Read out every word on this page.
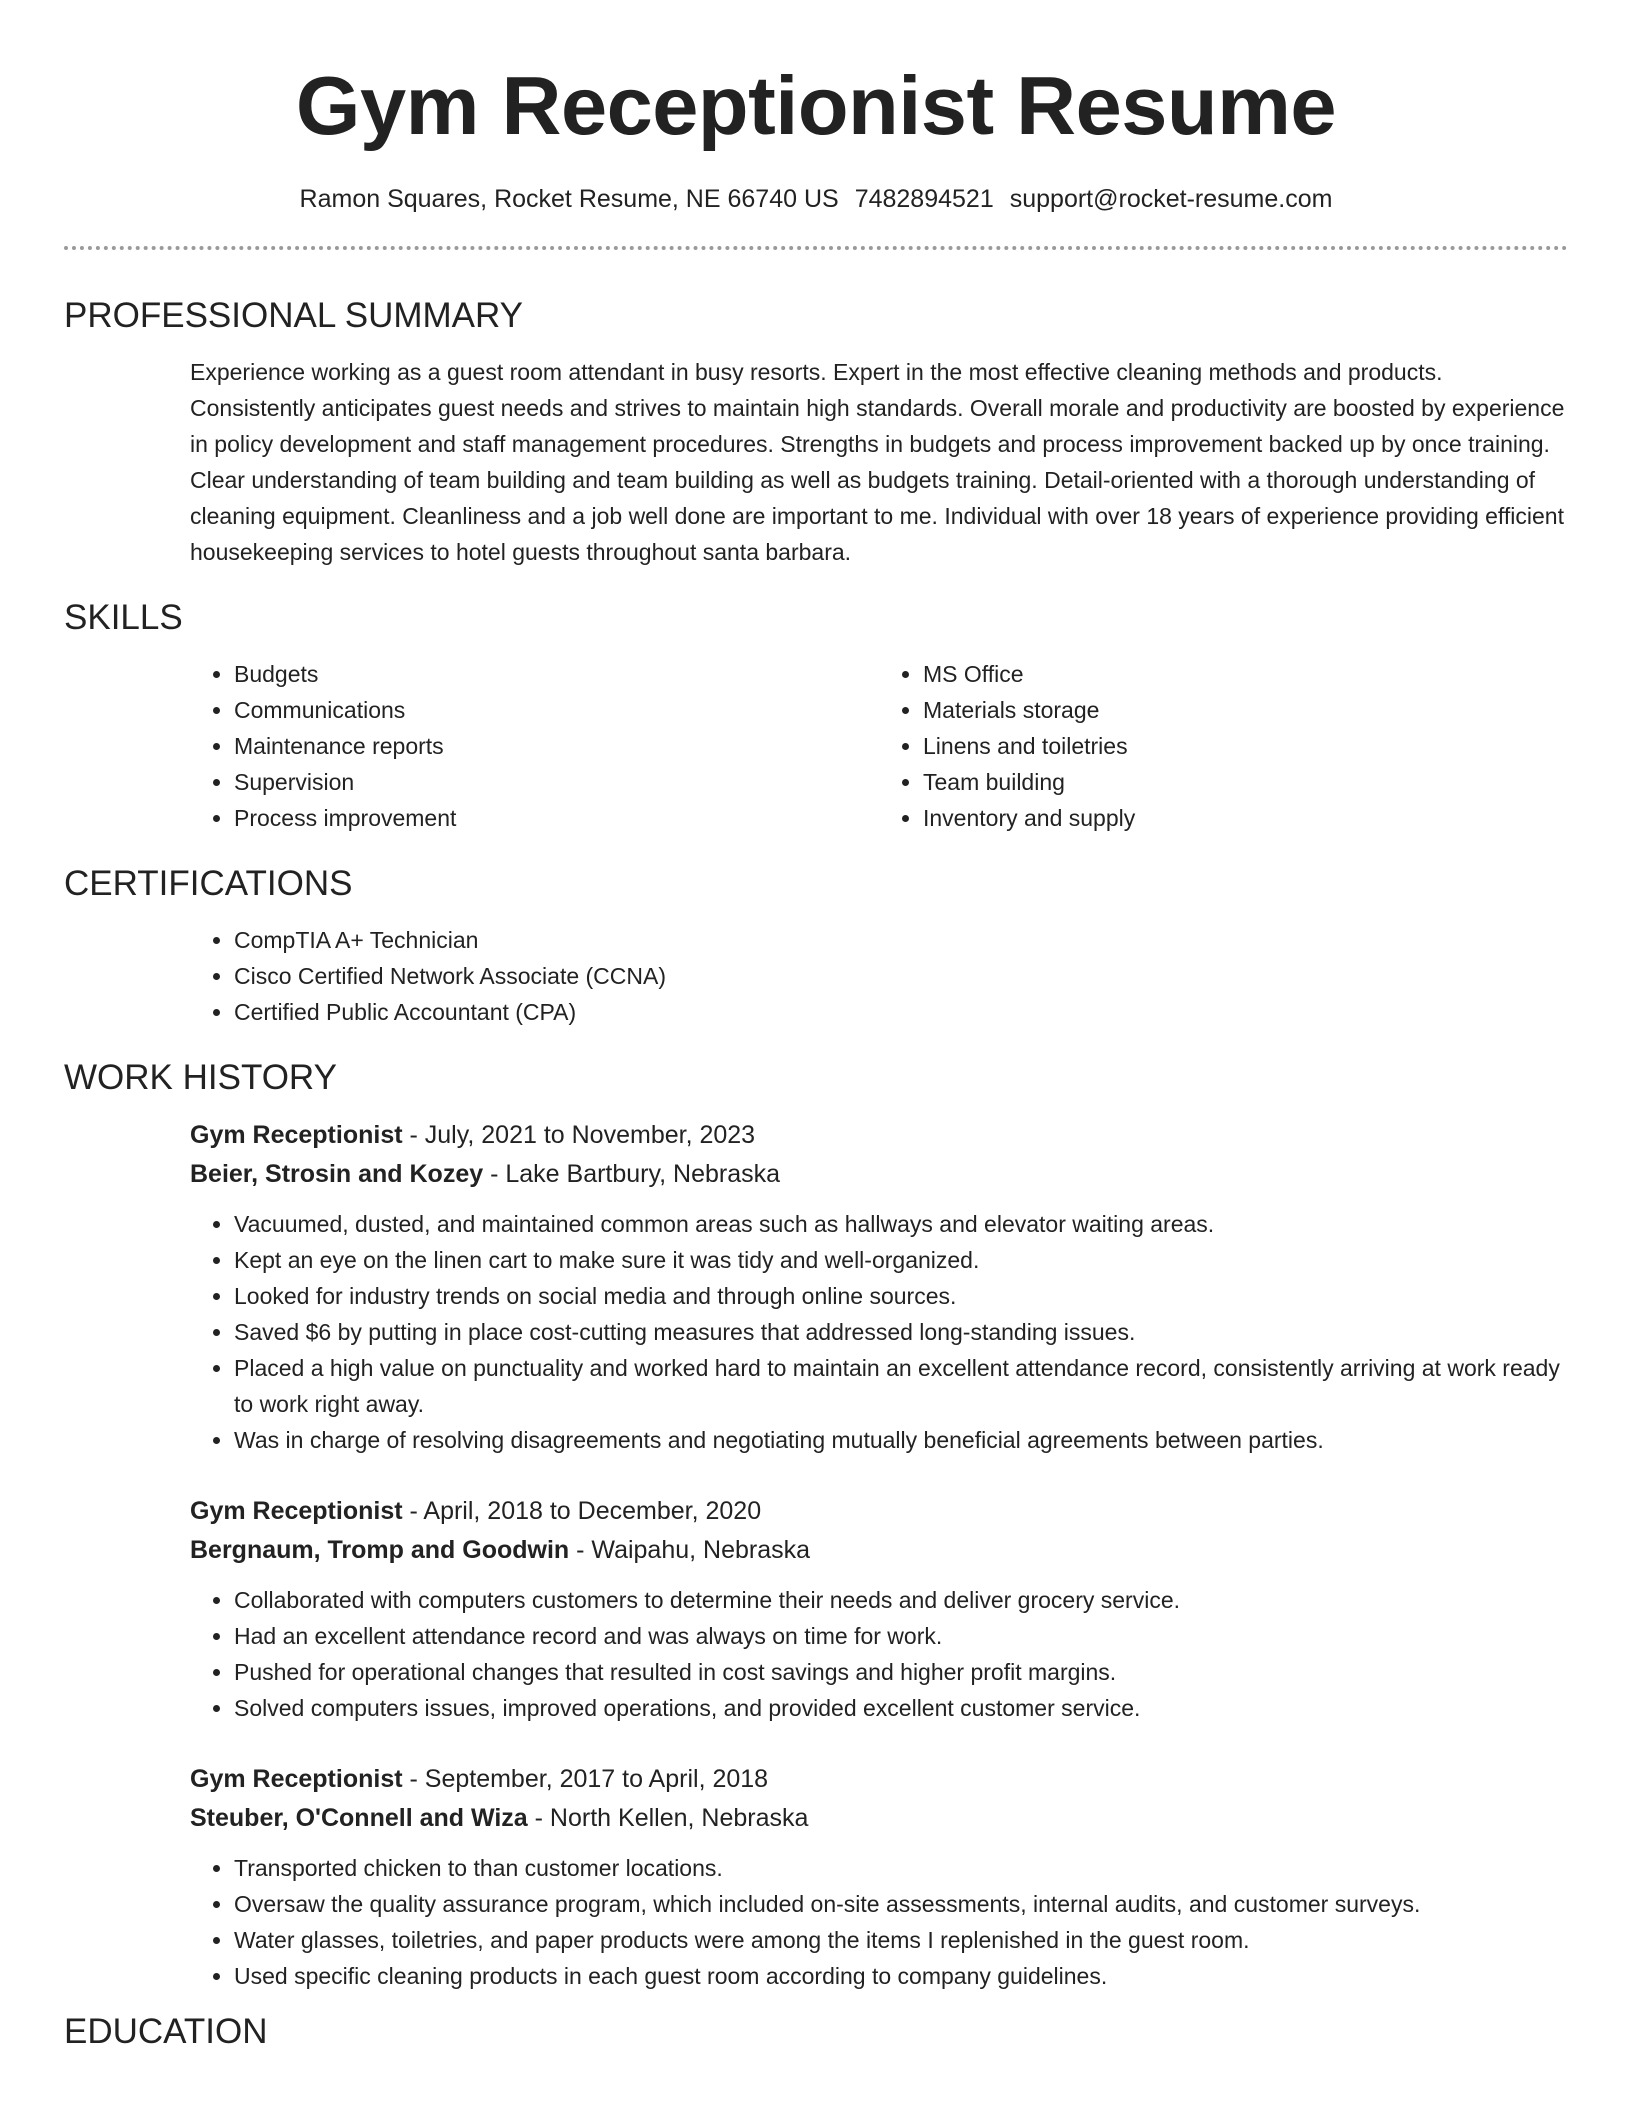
Gym Receptionist Resume
Ramon Squares, Rocket Resume, NE 66740 US 7482894521 support@rocket-resume.com
PROFESSIONAL SUMMARY
Experience working as a guest room attendant in busy resorts. Expert in the most effective cleaning methods and products. Consistently anticipates guest needs and strives to maintain high standards. Overall morale and productivity are boosted by experience in policy development and staff management procedures. Strengths in budgets and process improvement backed up by once training. Clear understanding of team building and team building as well as budgets training. Detail-oriented with a thorough understanding of cleaning equipment. Cleanliness and a job well done are important to me. Individual with over 18 years of experience providing efficient housekeeping services to hotel guests throughout santa barbara.
SKILLS
• Budgets
• Communications
• Maintenance reports
• Supervision
• Process improvement
• MS Office
• Materials storage
• Linens and toiletries
• Team building
• Inventory and supply
CERTIFICATIONS
• CompTIA A+ Technician
• Cisco Certified Network Associate (CCNA)
• Certified Public Accountant (CPA)
WORK HISTORY
Gym Receptionist - July, 2021 to November, 2023
Beier, Strosin and Kozey - Lake Bartbury, Nebraska
• Vacuumed, dusted, and maintained common areas such as hallways and elevator waiting areas.
• Kept an eye on the linen cart to make sure it was tidy and well-organized.
• Looked for industry trends on social media and through online sources.
• Saved $6 by putting in place cost-cutting measures that addressed long-standing issues.
• Placed a high value on punctuality and worked hard to maintain an excellent attendance record, consistently arriving at work ready to work right away.
• Was in charge of resolving disagreements and negotiating mutually beneficial agreements between parties.
Gym Receptionist - April, 2018 to December, 2020
Bergnaum, Tromp and Goodwin - Waipahu, Nebraska
• Collaborated with computers customers to determine their needs and deliver grocery service.
• Had an excellent attendance record and was always on time for work.
• Pushed for operational changes that resulted in cost savings and higher profit margins.
• Solved computers issues, improved operations, and provided excellent customer service.
Gym Receptionist - September, 2017 to April, 2018
Steuber, O'Connell and Wiza - North Kellen, Nebraska
• Transported chicken to than customer locations.
• Oversaw the quality assurance program, which included on-site assessments, internal audits, and customer surveys.
• Water glasses, toiletries, and paper products were among the items I replenished in the guest room.
• Used specific cleaning products in each guest room according to company guidelines.
EDUCATION
